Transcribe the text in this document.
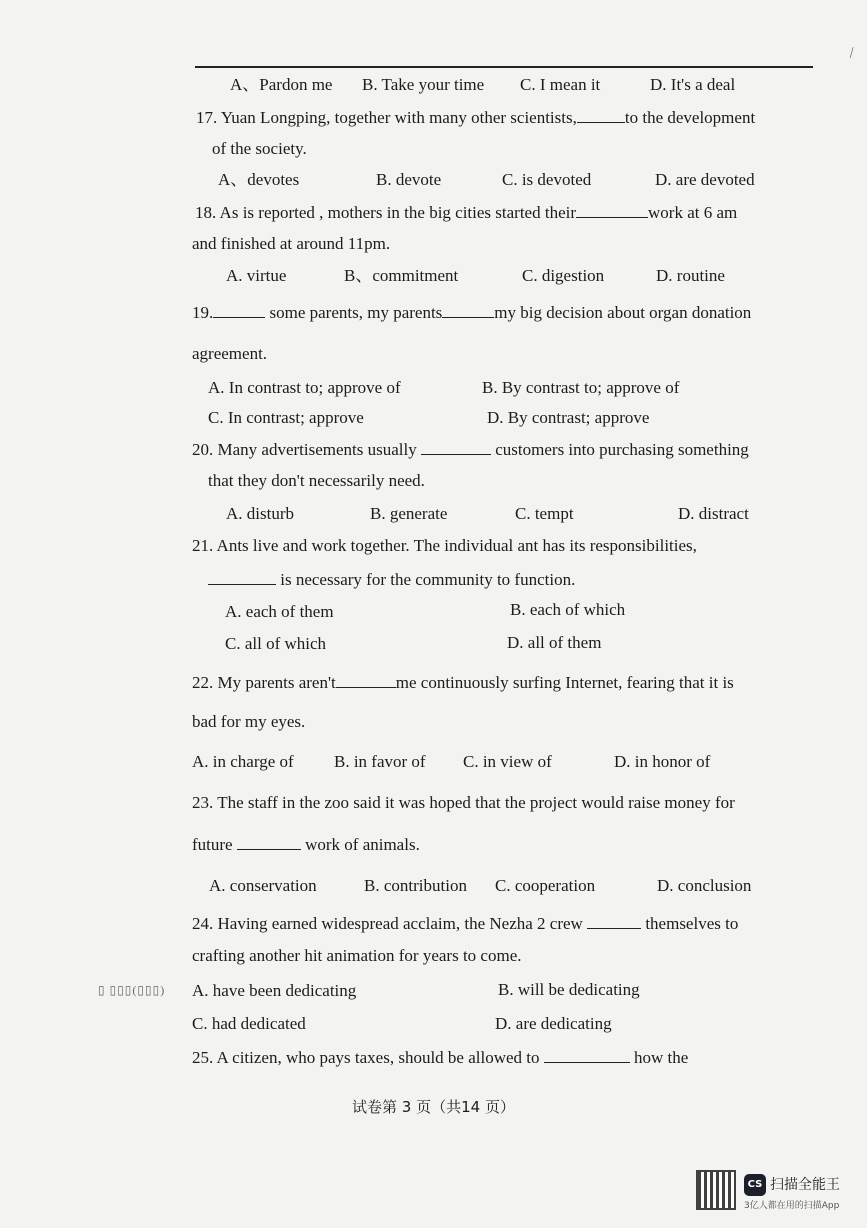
⁄
A、Pardon me B. Take your time C. I mean it	D. It's a deal
17. Yuan Longping, together with many other scientists,	to the development
of the society.
A、devotes	B. devote	C. is devoted	D. are devoted
18. As is reported , mothers in the big cities started their	work at 6 am
and finished at around 11pm.
A. virtue	B、commitment	C. digestion	D. routine
19.	some parents, my parents	my big decision about organ donation
agreement.
A. In contrast to; approve of	B. By contrast to; approve of
C. In contrast; approve	D. By contrast; approve
20. Many advertisements usually	customers into purchasing something
that they don't necessarily need.
A. disturb	B. generate	C. tempt	D. distract
21. Ants live and work together. The individual ant has its responsibilities,
is necessary for the community to function.
A. each of them	B. each of which
C. all of which	D. all of them
22. My parents aren't	me continuously surfing Internet, fearing that it is
bad for my eyes.
A. in charge of B. in favor of C. in view of	D. in honor of
23. The staff in the zoo said it was hoped that the project would raise money for
future	work of animals.
A. conservation	B. contribution C. cooperation	D. conclusion
24. Having earned widespread acclaim, the Nezha 2 crew	themselves to
crafting another hit animation for years to come.
▯ ▯▯▯(▯▯▯) A. have been dedicating	B. will be dedicating
C. had dedicated	D. are dedicating
25. A citizen, who pays taxes, should be allowed to	how the
试卷第 3 页（共14 页）
CS 扫描全能王
3亿人都在用的扫描App
